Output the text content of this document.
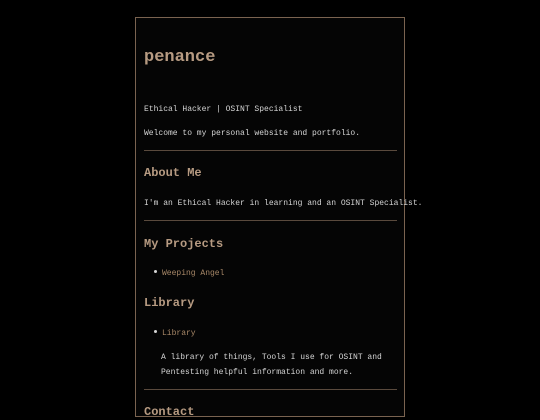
penance

Ethical Hacker | OSINT Specialist

Welcome to my personal website and portfolio.

About Me

I'm an Ethical Hacker in learning and an OSINT Specialist.

My Projects
Weeping Angel
Library
Library

A library of things, Tools I use for OSINT and Pentesting helpful information and more.

Contact
